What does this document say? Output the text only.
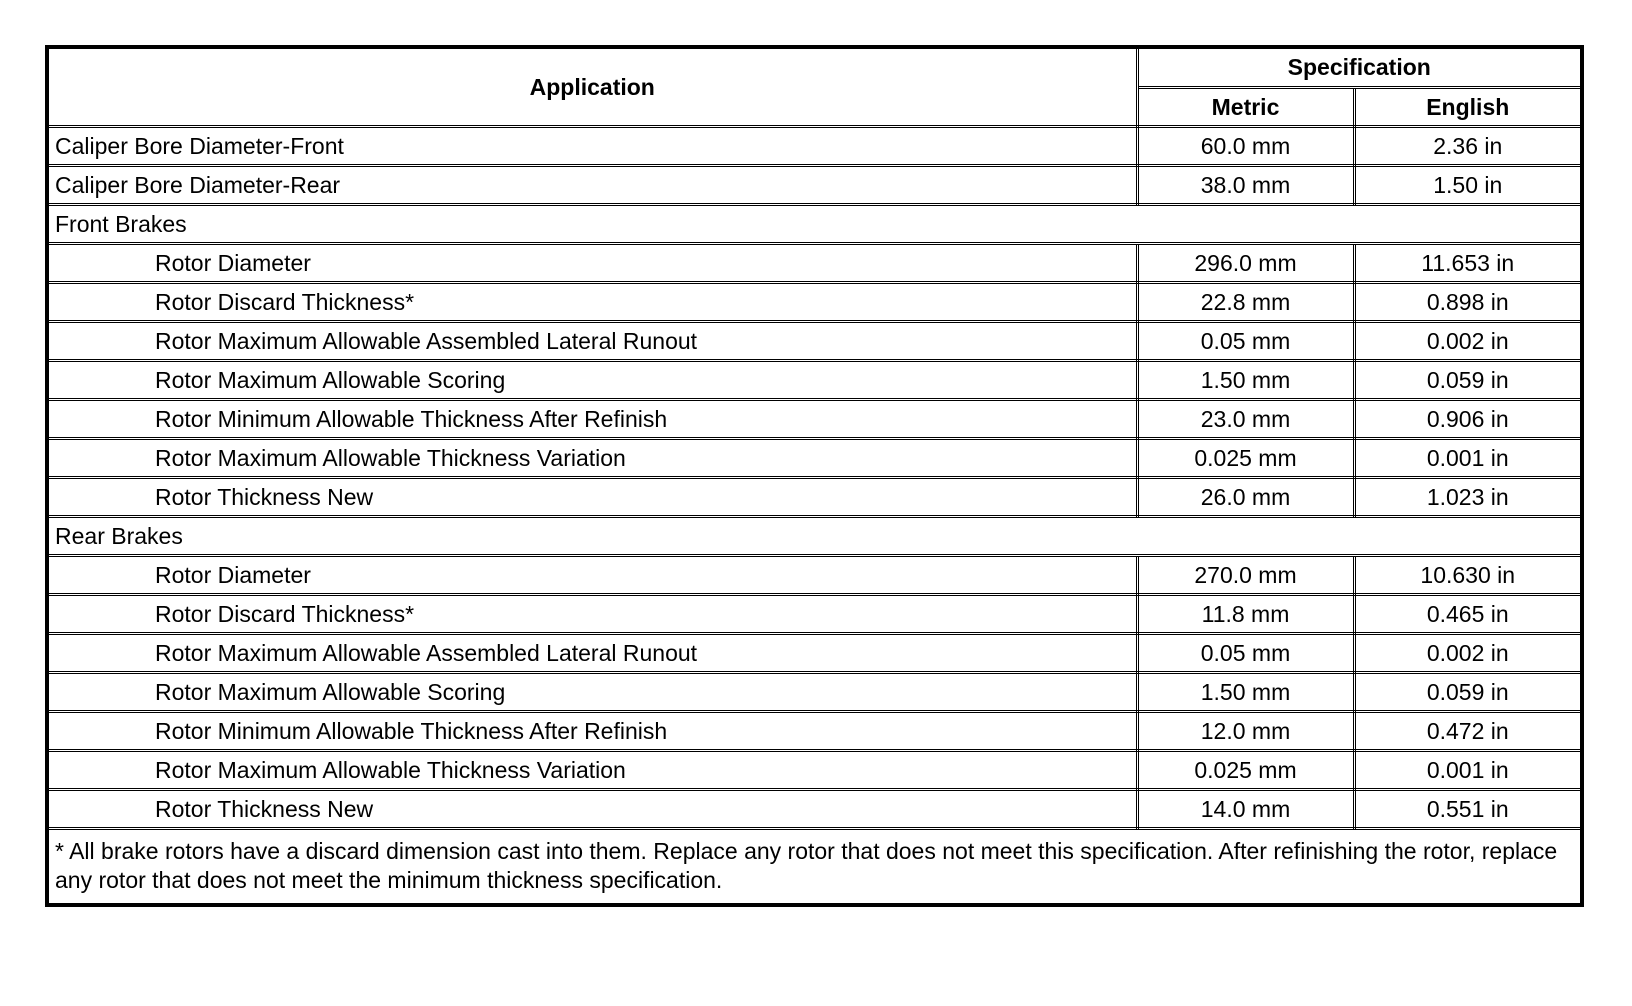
Application	Specification	
	Metric	English
Caliper Bore Diameter-Front	60.0 mm	2.36 in
Caliper Bore Diameter-Rear	38.0 mm	1.50 in
Front Brakes		
Rotor Diameter	296.0 mm	11.653 in
Rotor Discard Thickness*	22.8 mm	0.898 in
Rotor Maximum Allowable Assembled Lateral Runout	0.05 mm	0.002 in
Rotor Maximum Allowable Scoring	1.50 mm	0.059 in
Rotor Minimum Allowable Thickness After Refinish	23.0 mm	0.906 in
Rotor Maximum Allowable Thickness Variation	0.025 mm	0.001 in
Rotor Thickness New	26.0 mm	1.023 in
Rear Brakes		
Rotor Diameter	270.0 mm	10.630 in
Rotor Discard Thickness*	11.8 mm	0.465 in
Rotor Maximum Allowable Assembled Lateral Runout	0.05 mm	0.002 in
Rotor Maximum Allowable Scoring	1.50 mm	0.059 in
Rotor Minimum Allowable Thickness After Refinish	12.0 mm	0.472 in
Rotor Maximum Allowable Thickness Variation	0.025 mm	0.001 in
Rotor Thickness New	14.0 mm	0.551 in
* All brake rotors have a discard dimension cast into them. Replace any rotor that does not meet this specification. After refinishing the rotor, replace any rotor that does not meet the minimum thickness specification.		
